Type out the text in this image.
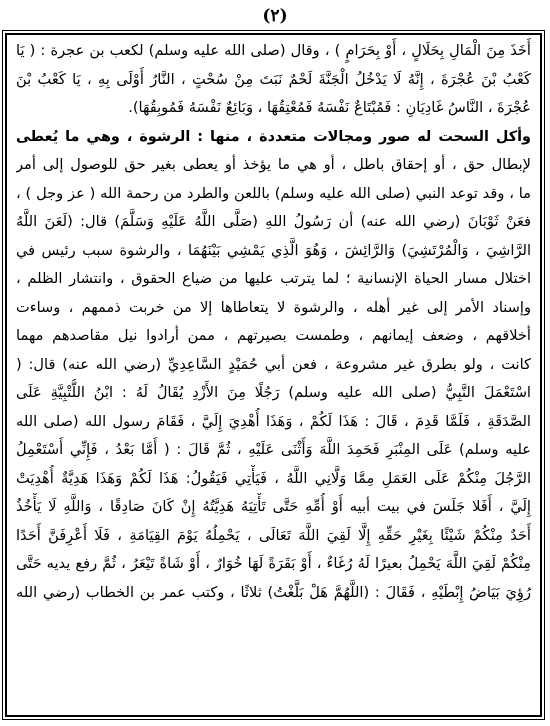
(٢)
أَخَذَ مِنَ الْمَالِ بِحَلَالٍ ، أَوْ بِحَرَامٍ ) ، وقال (صلى الله عليه وسلم) لكعب بن عجرة : ( يَا
كَعْبُ بْنَ عُجْرَةَ ، إِنَّهُ لَا يَدْخُلُ الْجَنَّةَ لَحْمٌ نَبَتَ مِنْ سُحْتٍ ، النَّارُ أَوْلَى بِهِ ، يَا كَعْبُ بْنَ
عُجْرَةَ ، النَّاسُ غَادِيَانِ : فَمُبْتَاعٌ نَفْسَهُ فَمُعْتِقُهَا ، وَبَائِعٌ نَفْسَهُ فَمُوبِقُهَا).
وأكل السحت له صور ومجالات متعددة ، منها : الرشوة ، وهي ما يُعطى
لإبطال حق ، أو إحقاق باطل ، أو هي ما يؤخذ أو يعطى بغير حق للوصول إلى أمر
ما ، وقد توعد النبي (صلى الله عليه وسلم) باللعن والطرد من رحمة الله ( عز وجل ) ،
فعَنْ ثَوْبَانَ (رضي الله عنه) أن رَسُولُ اللهِ (صَلَّى اللَّهُ عَلَيْهِ وَسَلَّمَ) قال: (لَعَنَ اللَّهُ
الرَّاشِيَ ، وَالْمُرْتَشِيَ) وَالرَّائِشَ ، وَهُوَ الَّذِي يَمْشِي بَيْنَهُمَا ، والرشوة سبب رئيس في
اختلال مسار الحياة الإنسانية ؛ لما يترتب عليها من ضياع الحقوق ، وانتشار الظلم ،
وإسناد الأمر إلى غير أهله ، والرشوة لا يتعاطاها إلا من خربت ذممهم ، وساءت
أخلاقهم ، وضعف إيمانهم ، وطمست بصيرتهم ، ممن أرادوا نيل مقاصدهم مهما
كانت ، ولو بطرق غير مشروعة ، فعن أبي حُمَيْدٍ السَّاعِدِيِّ (رضي الله عنه) قال: (
اسْتَعْمَلَ النَّبِيُّ (صلى الله عليه وسلم) رَجُلًا مِنَ الأَزْدِ يُقَالُ لَهُ : ابْنُ اللُّتْبِيَّةِ عَلَى
الصَّدَقَةِ ، فَلَمَّا قَدِمَ ، قَالَ : هَذَا لَكُمْ ، وَهَذَا أُهْدِيَ إِلَيَّ ، فَقَامَ رسول الله (صلى الله
عليه وسلم) عَلَى المِنْبَرِ فَحَمِدَ اللَّهَ وَأَثْنَى عَلَيْهِ ، ثُمَّ قَالَ : ( أَمَّا بَعْدُ ، فَإِنِّي أَسْتَعْمِلُ
الرَّجُلَ مِنْكُمْ عَلَى العَمَلِ مِمَّا وَلَّانِي اللَّهُ ، فَيَأْتِي فَيَقُولُ: هَذَا لَكُمْ وَهَذَا هَدِيَّةٌ أُهْدِيَتْ
إِلَيَّ ، أَفَلا جَلَسَ في بيت أبيه أَوْ أُمِّهِ حَتَّى تَأْتِيَهُ هَدِيَّتُهُ إِنْ كَانَ صَادِقًا ، وَاللَّهِ لَا يَأْخُذُ
أَحَدٌ مِنْكُمْ شَيْئًا بِغَيْرِ حَقِّهِ إِلَّا لَقِيَ اللَّهَ تَعَالَى ، يَحْمِلُهُ يَوْمَ القِيَامَةِ ، فَلَا أَعْرِفَنَّ أَحَدًا
مِنْكُمْ لَقِيَ اللَّهَ يَحْمِلُ بعيرًا لَهُ رُغَاءٌ ، أَوْ بَقَرَةً لَهَا خُوَارٌ ، أَوْ شَاةً تَيْعَرُ ، ثُمَّ رفع يديه حَتَّى
رُؤِيَ بَيَاضُ إِبْطَيْهِ ، فَقَالَ : (اللَّهُمَّ هَلْ بَلَّغْتُ) ثلاثًا ، وكتب عمر بن الخطاب (رضي الله
